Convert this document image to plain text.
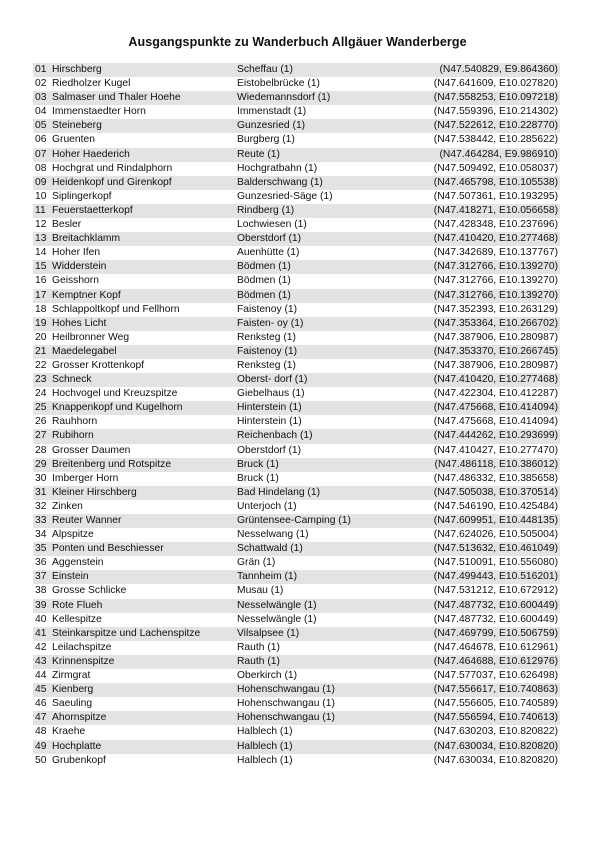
Ausgangspunkte zu Wanderbuch Allgäuer Wanderberge
01 Hirschberg	Scheffau (1)	(N47.540829, E9.864360)
02 Riedholzer Kugel	Eistobelbrücke (1)	(N47.641609, E10.027820)
03 Salmaser und Thaler Hoehe	Wiedemannsdorf (1)	(N47.558253, E10.097218)
04 Immenstaedter Horn	Immenstadt (1)	(N47.559396, E10.214302)
05 Steineberg	Gunzesried (1)	(N47.522612, E10.228770)
06 Gruenten	Burgberg (1)	(N47.538442, E10.285622)
07 Hoher Haederich	Reute (1)	(N47.464284, E9.986910)
08 Hochgrat und Rindalphorn	Hochgratbahn (1)	(N47.509492, E10.058037)
09 Heidenkopf und Girenkopf	Balderschwang (1)	(N47.465798, E10.105538)
10 Siplingerkopf	Gunzesried-Säge (1)	(N47.507361, E10.193295)
11 Feuerstaetterkopf	Rindberg (1)	(N47.418271, E10.056658)
12 Besler	Lochwiesen (1)	(N47.428348, E10.237696)
13 Breitachklamm	Oberstdorf (1)	(N47.410420, E10.277468)
14 Hoher Ifen	Auenhütte (1)	(N47.342689, E10.137767)
15 Widderstein	Bödmen (1)	(N47.312766, E10.139270)
16 Geisshorn	Bödmen (1)	(N47.312766, E10.139270)
17 Kemptner Kopf	Bödmen (1)	(N47.312766, E10.139270)
18 Schlappoltkopf und Fellhorn	Faistenoy (1)	(N47.352393, E10.263129)
19 Hohes Licht	Faisten- oy (1)	(N47.353364, E10.266702)
20 Heilbronner Weg	Renksteg (1)	(N47.387906, E10.280987)
21 Maedelegabel	Faistenoy (1)	(N47.353370, E10.266745)
22 Grosser Krottenkopf	Renksteg (1)	(N47.387906, E10.280987)
23 Schneck	Oberst- dorf (1)	(N47.410420, E10.277468)
24 Hochvogel und Kreuzspitze	Giebelhaus (1)	(N47.422304, E10.412287)
25 Knappenkopf und Kugelhorn	Hinterstein (1)	(N47.475668, E10.414094)
26 Rauhhorn	Hinterstein (1)	(N47.475668, E10.414094)
27 Rubihorn	Reichenbach (1)	(N47.444262, E10.293699)
28 Grosser Daumen	Oberstdorf (1)	(N47.410427, E10.277470)
29 Breitenberg und Rotspitze	Bruck (1)	(N47.486118, E10.386012)
30 Imberger Horn	Bruck (1)	(N47.486332, E10.385658)
31 Kleiner Hirschberg	Bad Hindelang (1)	(N47.505038, E10.370514)
32 Zinken	Unterjoch (1)	(N47.546190, E10.425484)
33 Reuter Wanner	Grüntensee-Camping (1)	(N47.609951, E10.448135)
34 Alpspitze	Nesselwang (1)	(N47.624026, E10.505004)
35 Ponten und Beschiesser	Schattwald (1)	(N47.513632, E10.461049)
36 Aggenstein	Grän (1)	(N47.510091, E10.556080)
37 Einstein	Tannheim (1)	(N47.499443, E10.516201)
38 Grosse Schlicke	Musau (1)	(N47.531212, E10.672912)
39 Rote Flueh	Nesselwängle (1)	(N47.487732, E10.600449)
40 Kellespitze	Nesselwängle (1)	(N47.487732, E10.600449)
41 Steinkarspitze und Lachenspitze	Vilsalpsee (1)	(N47.469799, E10.506759)
42 Leilachspitze	Rauth (1)	(N47.464678, E10.612961)
43 Krinnenspitze	Rauth (1)	(N47.464688, E10.612976)
44 Zirmgrat	Oberkirch (1)	(N47.577037, E10.626498)
45 Kienberg	Hohenschwangau (1)	(N47.556617, E10.740863)
46 Saeuling	Hohenschwangau (1)	(N47.556605, E10.740589)
47 Ahornspitze	Hohenschwangau (1)	(N47.556594, E10.740613)
48 Kraehe	Halblech (1)	(N47.630203, E10.820822)
49 Hochplatte	Halblech (1)	(N47.630034, E10.820820)
50 Grubenkopf	Halblech (1)	(N47.630034, E10.820820)
